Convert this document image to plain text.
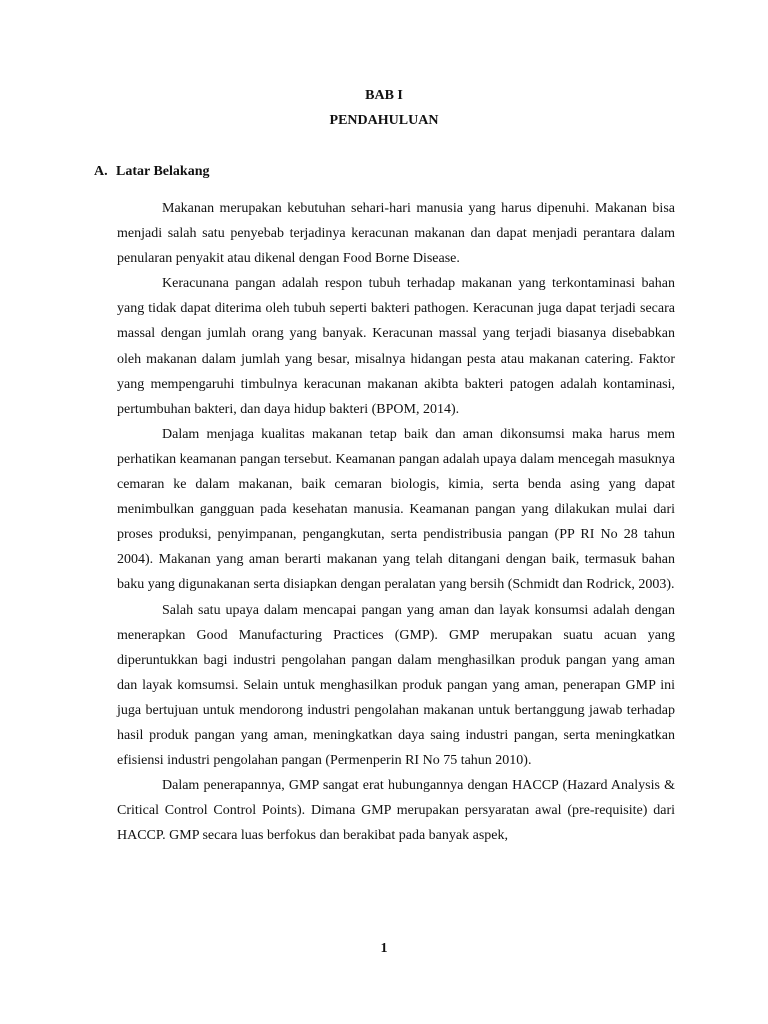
BAB I

PENDAHULUAN

A. Latar Belakang

Makanan merupakan kebutuhan sehari-hari manusia yang harus dipenuhi. Makanan bisa menjadi salah satu penyebab terjadinya keracunan makanan dan dapat menjadi perantara dalam penularan penyakit atau dikenal dengan Food Borne Disease.

Keracunana pangan adalah respon tubuh terhadap makanan yang terkontaminasi bahan yang tidak dapat diterima oleh tubuh seperti bakteri pathogen. Keracunan juga dapat terjadi secara massal dengan jumlah orang yang banyak. Keracunan massal yang terjadi biasanya disebabkan oleh makanan dalam jumlah yang besar, misalnya hidangan pesta atau makanan catering. Faktor yang mempengaruhi timbulnya keracunan makanan akibta bakteri patogen adalah kontaminasi, pertumbuhan bakteri, dan daya hidup bakteri (BPOM, 2014).

Dalam menjaga kualitas makanan tetap baik dan aman dikonsumsi maka harus mem perhatikan keamanan pangan tersebut. Keamanan pangan adalah upaya dalam mencegah masuknya cemaran ke dalam makanan, baik cemaran biologis, kimia, serta benda asing yang dapat menimbulkan gangguan pada kesehatan manusia. Keamanan pangan yang dilakukan mulai dari proses produksi, penyimpanan, pengangkutan, serta pendistribusia pangan (PP RI No 28 tahun 2004). Makanan yang aman berarti makanan yang telah ditangani dengan baik, termasuk bahan baku yang digunakanan serta disiapkan dengan peralatan yang bersih (Schmidt dan Rodrick, 2003).

Salah satu upaya dalam mencapai pangan yang aman dan layak konsumsi adalah dengan menerapkan Good Manufacturing Practices (GMP). GMP merupakan suatu acuan yang diperuntukkan bagi industri pengolahan pangan dalam menghasilkan produk pangan yang aman dan layak komsumsi. Selain untuk menghasilkan produk pangan yang aman, penerapan GMP ini juga bertujuan untuk mendorong industri pengolahan makanan untuk bertanggung jawab terhadap hasil produk pangan yang aman, meningkatkan daya saing industri pangan, serta meningkatkan efisiensi industri pengolahan pangan (Permenperin RI No 75 tahun 2010).

Dalam penerapannya, GMP sangat erat hubungannya dengan HACCP (Hazard Analysis & Critical Control Control Points). Dimana GMP merupakan persyaratan awal (pre-requisite) dari HACCP. GMP secara luas berfokus dan berakibat pada banyak aspek,

1
